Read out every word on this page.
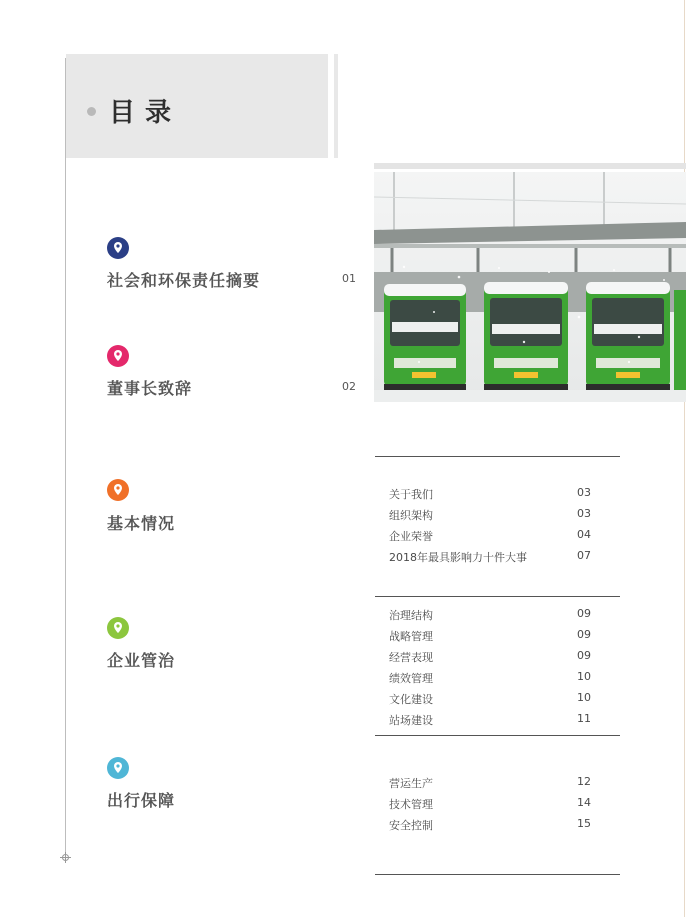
目录
社会和环保责任摘要	01
董事长致辞	02
基本情况
企业管治
出行保障
关于我们	03
组织架构	03
企业荣誉	04
2018年最具影响力十件大事	07
治理结构	09
战略管理	09
经营表现	09
绩效管理	10
文化建设	10
站场建设	11
营运生产	12
技术管理	14
安全控制	15
